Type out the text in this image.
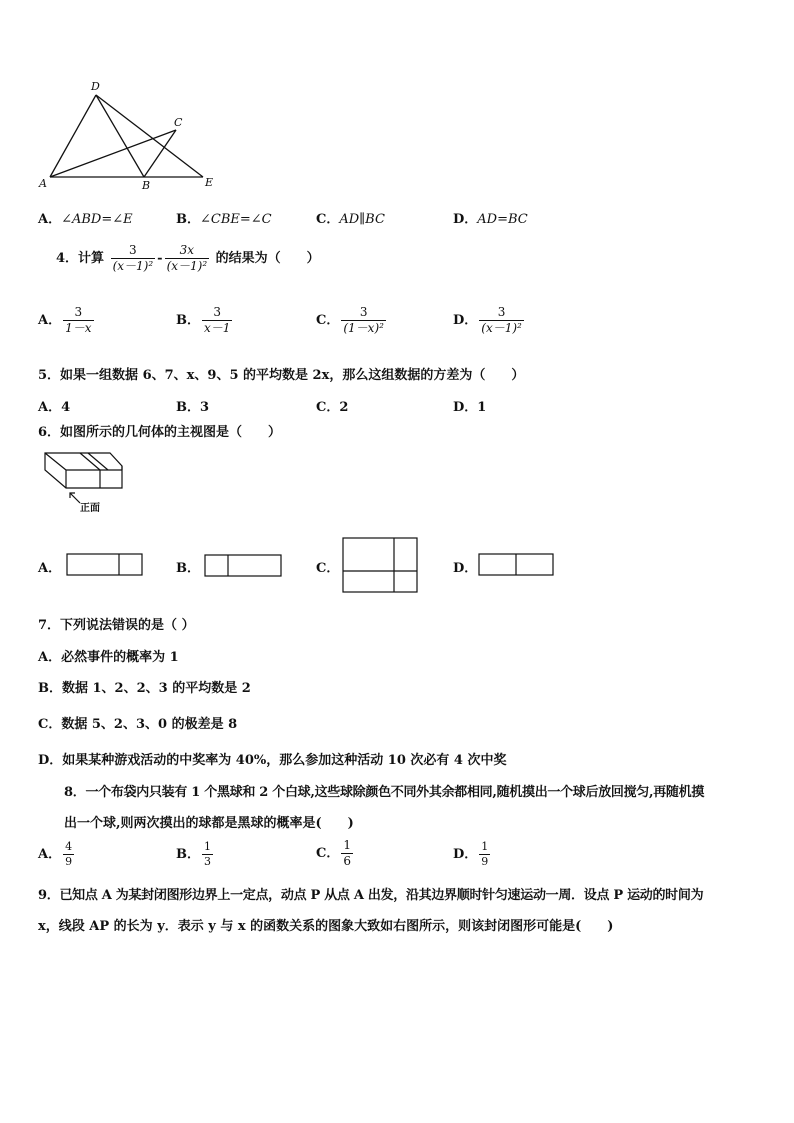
D
C
A	B	E
A．∠ABD=∠E	B．∠CBE=∠C	C．AD∥BC	D．AD=BC
4．计算 $\frac{3}{\text{(x－1)²}} - \frac{3x}{\text{(x－1)²}}$ 的结果为（　　）
A． $\frac{3}{1-x}$	B． $\frac{3}{x-1}$	C． $\frac{3}{\text{(1－x)²}}$	D． $\frac{3}{\text{(x－1)²}}$
5．如果一组数据 6、7、x、9、5 的平均数是 2x，那么这组数据的方差为（　　）
A．4	B．3	C．2	D．1
6．如图所示的几何体的主视图是（　　）
正面
A．	B．	C．	D．
7．下列说法错误的是（ ）
A．必然事件的概率为 1
B．数据 1、2、2、3 的平均数是 2
C．数据 5、2、3、0 的极差是 8
D．如果某种游戏活动的中奖率为 40%，那么参加这种活动 10 次必有 4 次中奖
8．一个布袋内只装有 1 个黑球和 2 个白球,这些球除颜色不同外其余都相同,随机摸出一个球后放回搅匀,再随机摸
出一个球,则两次摸出的球都是黑球的概率是(　　)
A． $\frac{4}{9}$	B． $\frac{1}{3}$	C． $\frac{1}{6}$	D． $\frac{1}{9}$
9．已知点 A 为某封闭图形边界上一定点，动点 P 从点 A 出发，沿其边界顺时针匀速运动一周．设点 P 运动的时间为
x，线段 AP 的长为 y．表示 y 与 x 的函数关系的图象大致如右图所示，则该封闭图形可能是(　　)
